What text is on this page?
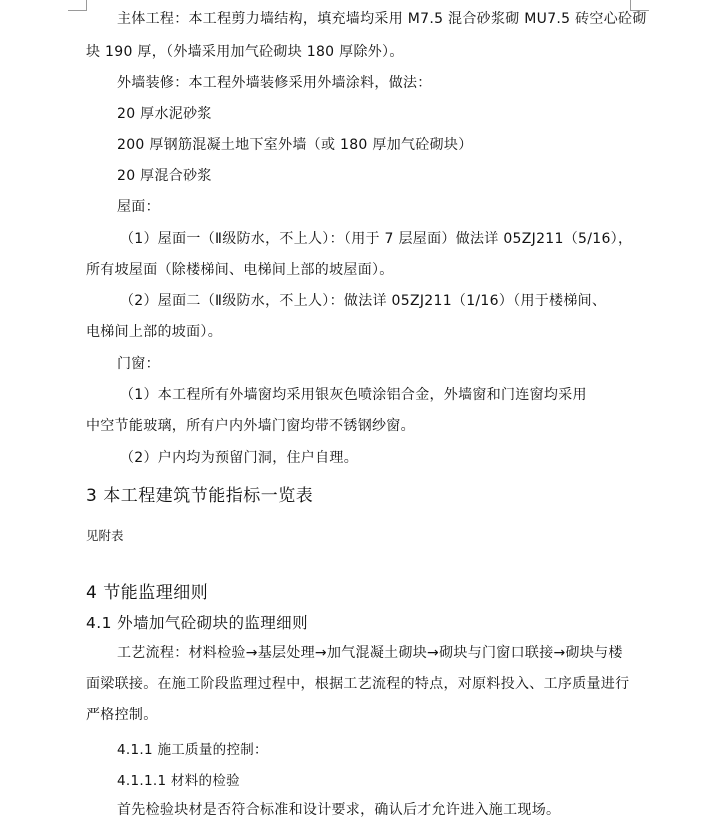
主体工程：本工程剪力墙结构，填充墙均采用 M7.5 混合砂浆砌 MU7.5 砖空心砼砌
块 190 厚，（外墙采用加气砼砌块 180 厚除外）。
外墙装修：本工程外墙装修采用外墙涂料，做法：
20 厚水泥砂浆
200 厚钢筋混凝土地下室外墙（或 180 厚加气砼砌块）
20 厚混合砂浆
屋面：
（1）屋面一（Ⅱ级防水，不上人）：（用于 7 层屋面）做法详 05ZJ211（5/16），
所有坡屋面（除楼梯间、电梯间上部的坡屋面）。
（2）屋面二（Ⅱ级防水，不上人）：做法详 05ZJ211（1/16）（用于楼梯间、
电梯间上部的坡面）。
门窗：
（1）本工程所有外墙窗均采用银灰色喷涂铝合金，外墙窗和门连窗均采用
中空节能玻璃，所有户内外墙门窗均带不锈钢纱窗。
（2）户内均为预留门洞，住户自理。
3 本工程建筑节能指标一览表
见附表
4 节能监理细则
4.1 外墙加气砼砌块的监理细则
工艺流程：材料检验→基层处理→加气混凝土砌块→砌块与门窗口联接→砌块与楼
面梁联接。在施工阶段监理过程中，根据工艺流程的特点，对原料投入、工序质量进行
严格控制。
4.1.1 施工质量的控制：
4.1.1.1 材料的检验
首先检验块材是否符合标准和设计要求，确认后才允许进入施工现场。
